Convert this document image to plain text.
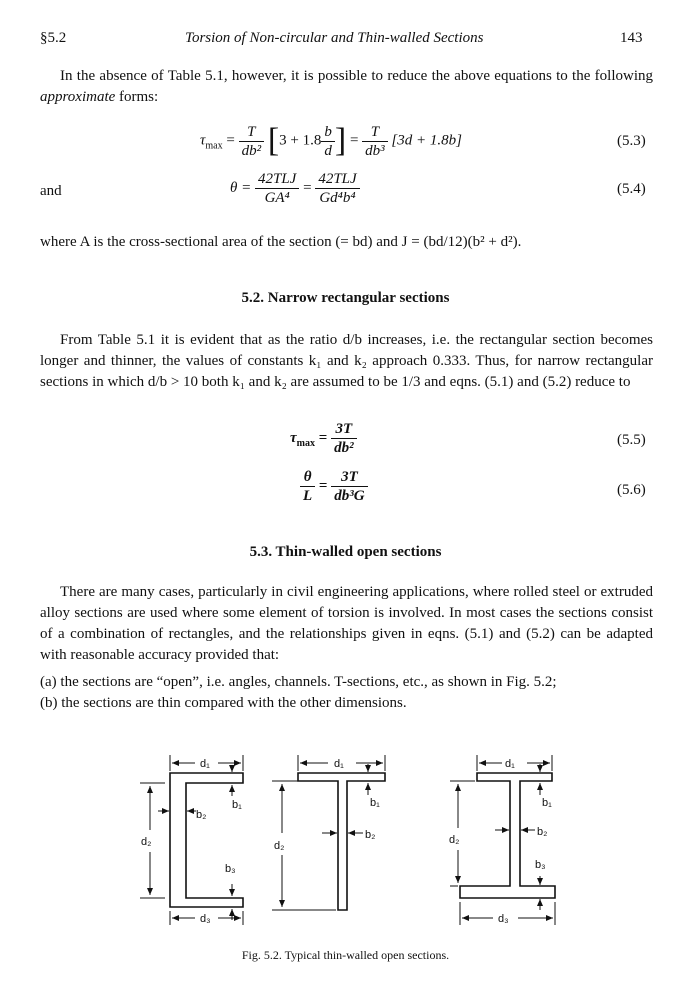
§5.2	Torsion of Non-circular and Thin-walled Sections	143
In the absence of Table 5.1, however, it is possible to reduce the above equations to the following approximate forms:
$\tau_{max} = \frac{T}{\text{db²}} [3 + 1.8 \frac{b}{d}$ ] = $\frac{T}{\text{db³}} [3d + 1.8b]$	(5.3)
and	$\theta = \frac{\text{42TLJ}}{\text{GA⁴}} = \frac{\text{42TLJ}}{\text{Gd⁴b⁴}}$	(5.4)
where A is the cross-sectional area of the section (= bd) and J = (bd/12)(b² + d²).
5.2. Narrow rectangular sections
From Table 5.1 it is evident that as the ratio d/b increases, i.e. the rectangular section becomes longer and thinner, the values of constants k₁ and k₂ approach 0.333. Thus, for narrow rectangular sections in which d/b > 10 both k₁ and k₂ are assumed to be 1/3 and eqns. (5.1) and (5.2) reduce to
$\tau_{max} = \frac{3T}{\text{db²}}$	(5.5)
$\frac{\theta}{L} = \frac{3T}{\text{db³G}}$	(5.6)
5.3. Thin-walled open sections
There are many cases, particularly in civil engineering applications, where rolled steel or extruded alloy sections are used where some element of torsion is involved. In most cases the sections consist of a combination of rectangles, and the relationships given in eqns. (5.1) and (5.2) can be adapted with reasonable accuracy provided that:
(a) the sections are “open”, i.e. angles, channels. T-sections, etc., as shown in Fig. 5.2;
(b) the sections are thin compared with the other dimensions.
d₁
b₁
d₂
b₂
b₃
d₃
d₁
b₁
d₂
b₂
d₁
b₁
d₂
b₂
b₃
d₃
Fig. 5.2. Typical thin-walled open sections.
